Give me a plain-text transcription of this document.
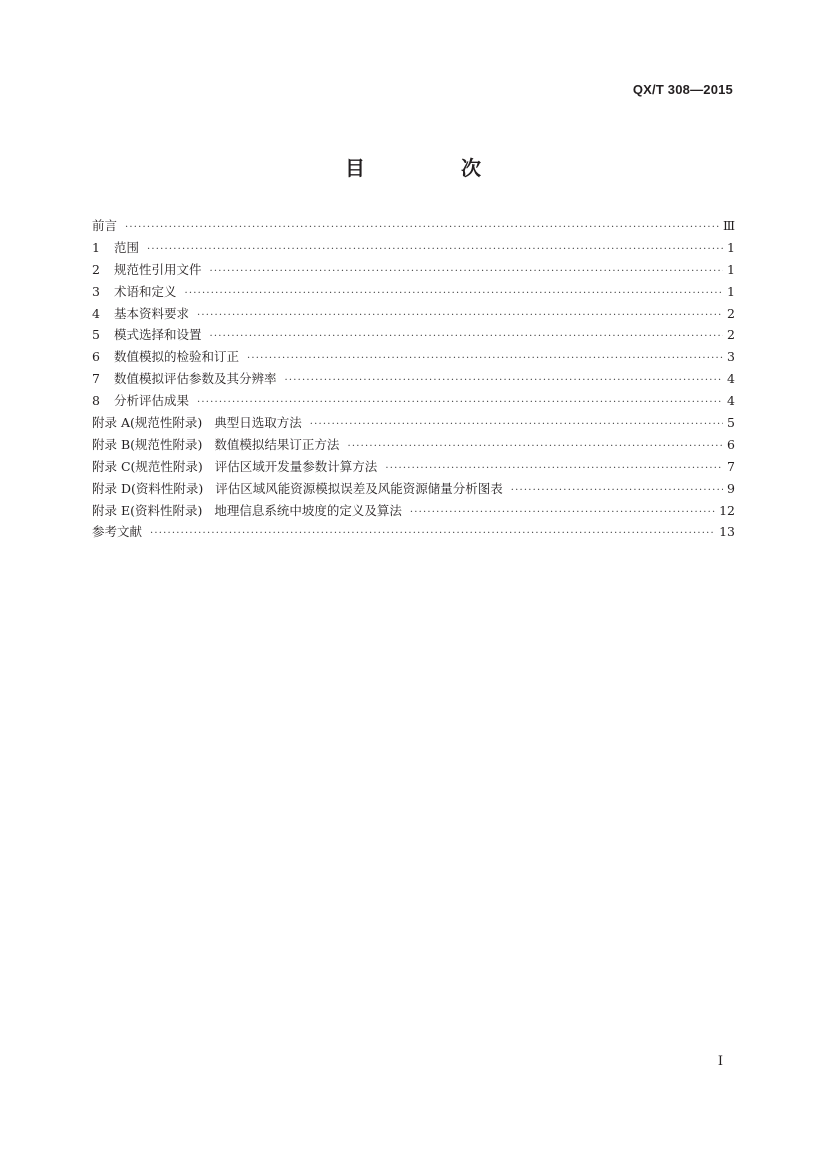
QX/T 308—2015
目　次
前言 ·····	Ⅲ
1	范围 ·····	1
2	规范性引用文件 ·····	1
3	术语和定义 ·····	1
4	基本资料要求 ·····	2
5	模式选择和设置 ·····	2
6	数值模拟的检验和订正 ·····	3
7	数值模拟评估参数及其分辨率 ·····	4
8	分析评估成果 ·····	4
附录 A(规范性附录) 典型日选取方法 ·····	5
附录 B(规范性附录) 数值模拟结果订正方法 ·····	6
附录 C(规范性附录) 评估区域开发量参数计算方法 ·····	7
附录 D(资料性附录) 评估区域风能资源模拟误差及风能资源储量分析图表 ·····	9
附录 E(资料性附录) 地理信息系统中坡度的定义及算法 ·····	12
参考文献 ·····	13
I
